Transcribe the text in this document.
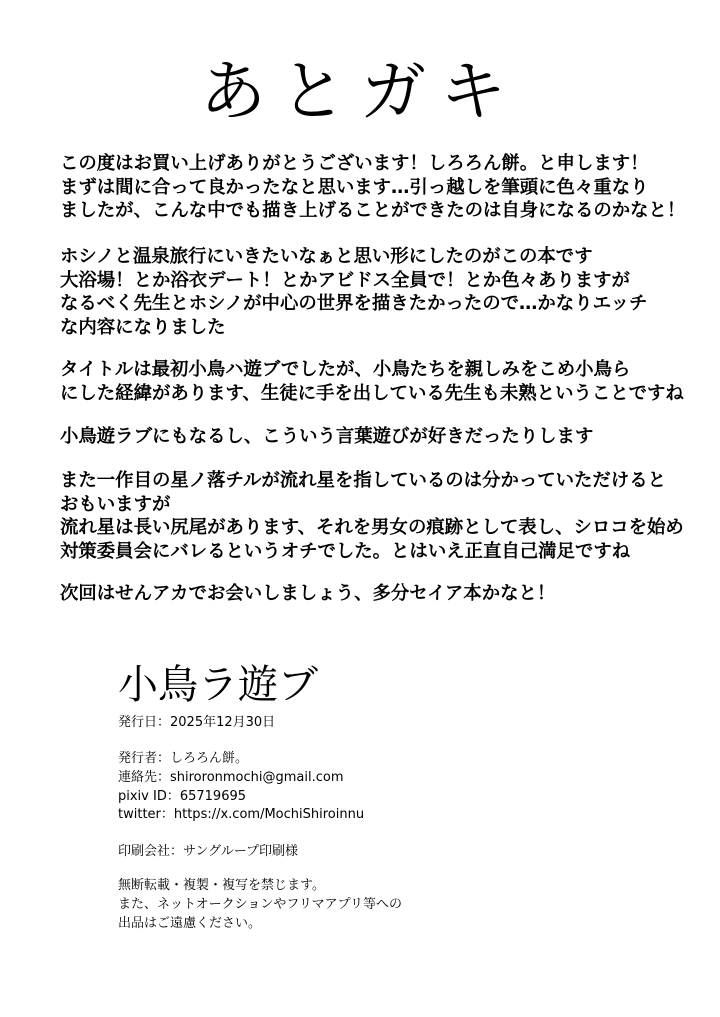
あとガキ
この度はお買い上げありがとうございます！しろろん餅。と申します！
まずは間に合って良かったなと思います…引っ越しを筆頭に色々重なり
ましたが、こんな中でも描き上げることができたのは自身になるのかなと！
ホシノと温泉旅行にいきたいなぁと思い形にしたのがこの本です
大浴場！とか浴衣デート！とかアビドス全員で！とか色々ありますが
なるべく先生とホシノが中心の世界を描きたかったので…かなりエッチ
な内容になりました
タイトルは最初小鳥ハ遊ブでしたが、小鳥たちを親しみをこめ小鳥ら
にした経緯があります、生徒に手を出している先生も未熟ということですね
小鳥遊ラブにもなるし、こういう言葉遊びが好きだったりします
また一作目の星ノ落チルが流れ星を指しているのは分かっていただけると
おもいますが
流れ星は長い尻尾があります、それを男女の痕跡として表し、シロコを始め
対策委員会にバレるというオチでした。とはいえ正直自己満足ですね
次回はせんアカでお会いしましょう、多分セイア本かなと！
小鳥ラ遊ブ
発行日：2025年12月30日
発行者：しろろん餅。
連絡先：shiroronmochi@gmail.com
pixiv ID：65719695
twitter：https://x.com/MochiShiroinnu
印刷会社：サングループ印刷様
無断転載・複製・複写を禁じます。
また、ネットオークションやフリマアプリ等への
出品はご遠慮ください。
